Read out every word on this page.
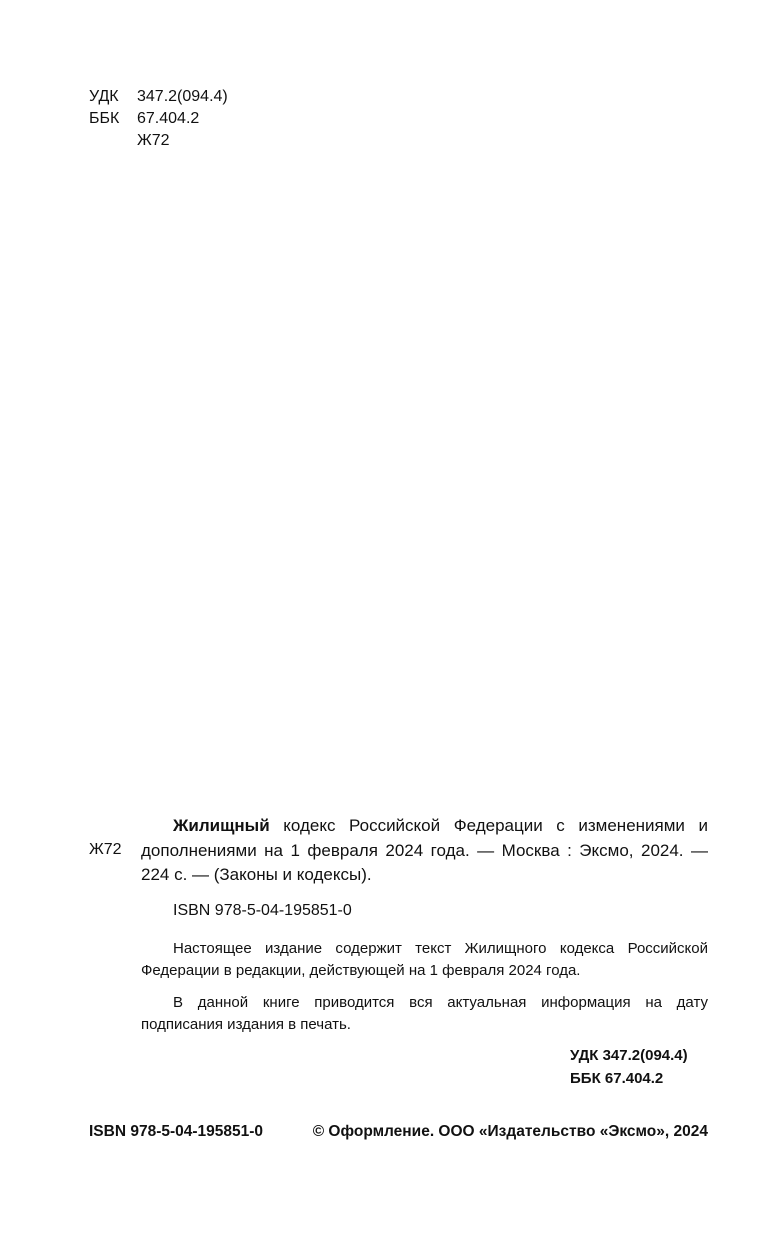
УДК	347.2(094.4)
ББК	67.404.2
Ж72
Ж72

Жилищный кодекс Российской Федерации с изменениями и дополнениями на 1 февраля 2024 года. — Москва : Эксмо, 2024. — 224 с. — (Законы и кодексы).

ISBN 978-5-04-195851-0

Настоящее издание содержит текст Жилищного кодекса Российской Федерации в редакции, действующей на 1 февраля 2024 года.

В данной книге приводится вся актуальная информация на дату подписания издания в печать.

УДК 347.2(094.4)
ББК 67.404.2
ISBN 978-5-04-195851-0	© Оформление. ООО «Издательство «Эксмо», 2024
